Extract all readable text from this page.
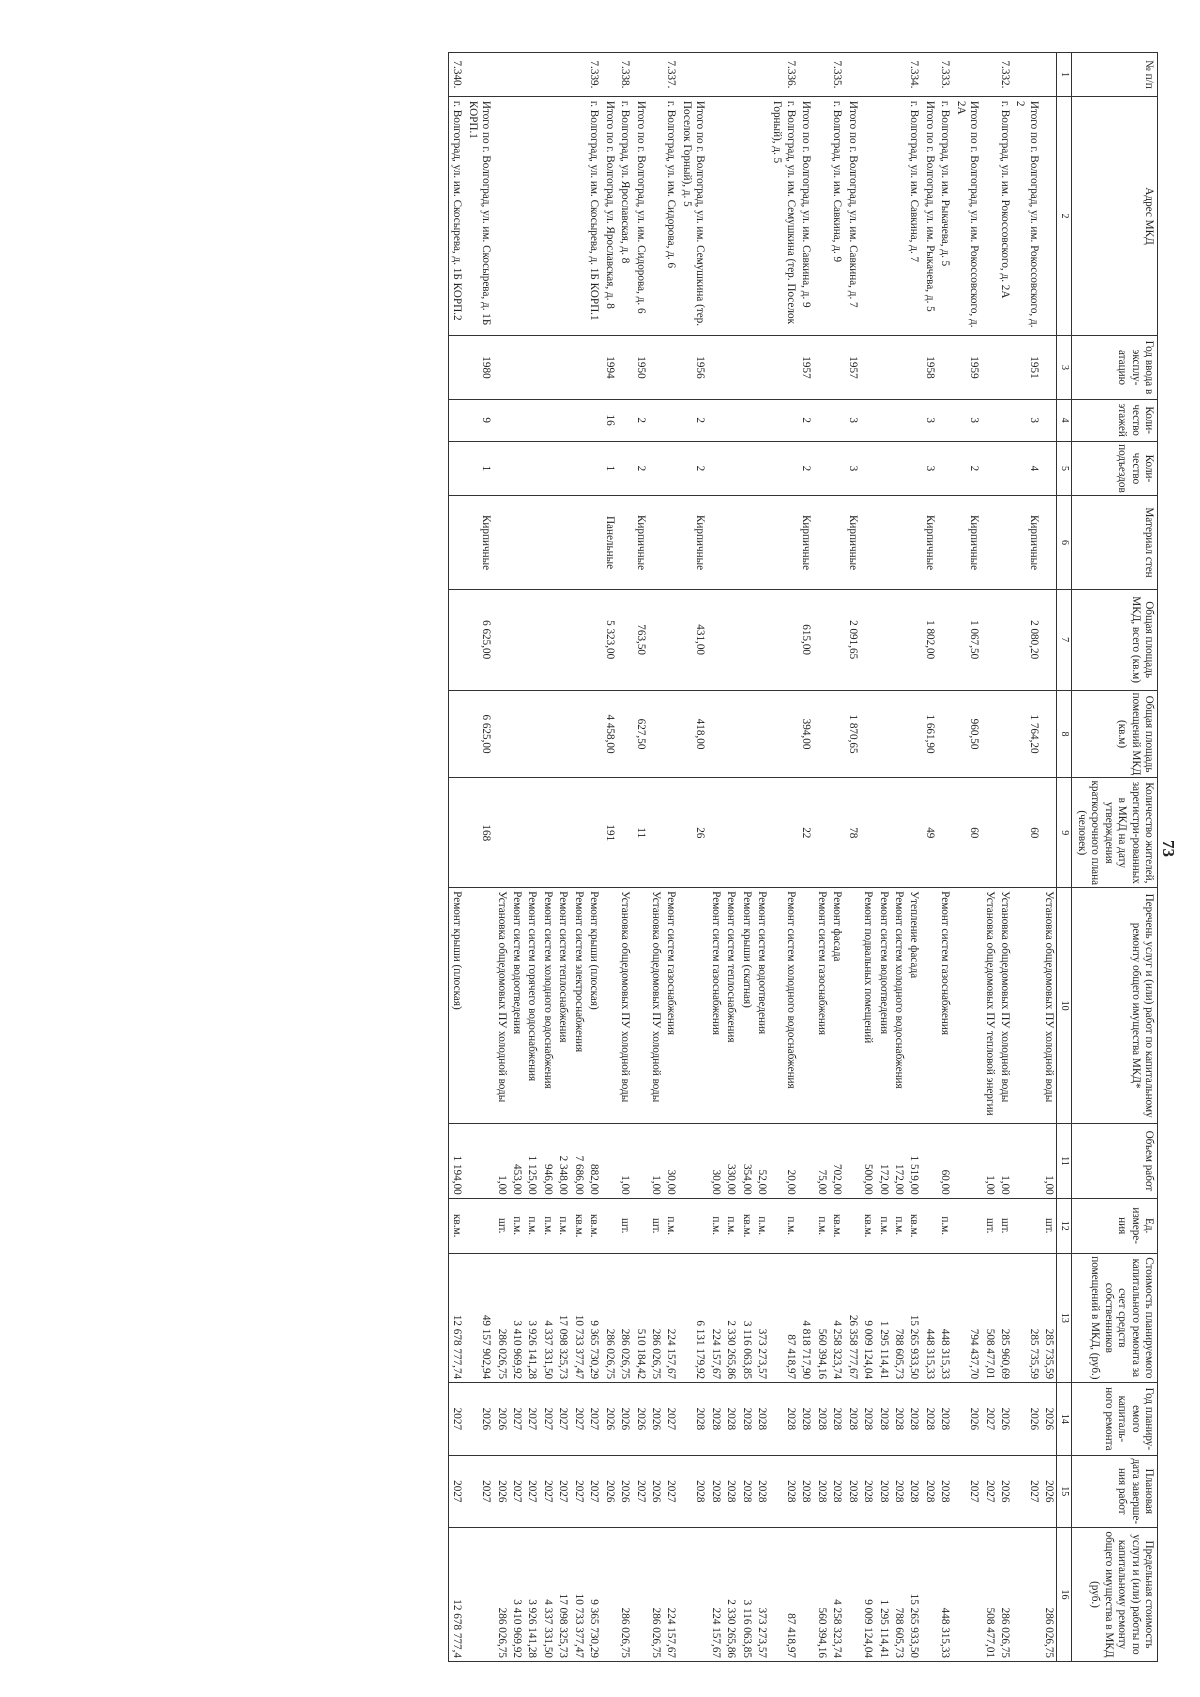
73
№ п/п	Адрес МКД	Год ввода в эксплу-атацию	Коли-чество этажей	Коли-чество подъездов	Материал стен	Общая площадь МКД, всего (кв.м)	Общая площадь помещений МКД (кв.м)	Количество жителей, зарегистри-рованных в МКД на дату утверждения краткосрочного плана (человек)	Перечень услуг и (или) работ по капитальному ремонту общего имущества МКД*	Объем работ	Ед. измере-ния	Стоимость планируемого капитального ремонта за счет средств собственников помещений в МКД, (руб.)	Год планиру-емого капиталь-ного ремонта	Плановая дата заверше-ния работ	Предельная стоимость услуги и (или) работы по капитальному ремонту общего имущества в МКД (руб.)
1	2	3	4	5	6	7	8	9	10	11	12	13	14	15	16
									Установка общедомовых ПУ холодной воды	1,00	шт.	285 735,59	2026	2026	286 026,75
	Итого по г. Волгоград, ул. им. Рокоссовского, д. 2	1951	3	4	Кирпичные	2 080,20	1 764,20	60				285 735,59	2026	2027	
7.332.	г. Волгоград, ул. им. Рокоссовского, д. 2А								Установка общедомовых ПУ холодной воды	1,00	шт.	285 960,69	2026	2026	286 026,75
									Установка общедомовых ПУ тепловой энергии	1,00	шт.	508 477,01	2027	2027	508 477,01
	Итого по г. Волгоград, ул. им. Рокоссовского, д. 2А	1959	3	2	Кирпичные	1 067,50	960,50	60				794 437,70	2026	2027	
7.333.	г. Волгоград, ул. им. Рыкачева, д. 5								Ремонт систем газоснабжения	60,00	п.м.	448 315,33	2028	2028	448 315,33
	Итого по г. Волгоград, ул. им. Рыкачева, д. 5	1958	3	3	Кирпичные	1 802,00	1 661,90	49				448 315,33	2028	2028	
7.334.	г. Волгоград, ул. им. Савкина, д. 7								Утепление фасада	1 519,00	кв.м.	15 265 933,50	2028	2028	15 265 933,50
									Ремонт систем холодного водоснабжения	172,00	п.м.	788 605,73	2028	2028	788 605,73
									Ремонт систем водоотведения	172,00	п.м.	1 295 114,41	2028	2028	1 295 114,41
									Ремонт подвальных помещений	500,00	кв.м.	9 009 124,04	2028	2028	9 009 124,04
	Итого по г. Волгоград, ул. им. Савкина, д. 7	1957	3	3	Кирпичные	2 091,65	1 870,65	78				26 358 777,67	2028	2028	
7.335.	г. Волгоград, ул. им. Савкина, д. 9								Ремонт фасада	702,00	кв.м.	4 258 323,74	2028	2028	4 258 323,74
									Ремонт систем газоснабжения	75,00	п.м.	560 394,16	2028	2028	560 394,16
	Итого по г. Волгоград, ул. им. Савкина, д. 9	1957	2	2	Кирпичные	615,00	394,00	22				4 818 717,90	2028	2028	
7.336.	г. Волгоград, ул. им. Семушкина (тер. Поселок Горный), д. 5								Ремонт систем холодного водоснабжения	20,00	п.м.	87 418,97	2028	2028	87 418,97
									Ремонт систем водоотведения	52,00	п.м.	373 273,57	2028	2028	373 273,57
									Ремонт крыши (скатная)	354,00	кв.м.	3 116 063,85	2028	2028	3 116 063,85
									Ремонт систем теплоснабжения	330,00	п.м.	2 330 265,86	2028	2028	2 330 265,86
									Ремонт систем газоснабжения	30,00	п.м.	224 157,67	2028	2028	224 157,67
	Итого по г. Волгоград, ул. им. Семушкина (тер. Поселок Горный), д. 5	1956	2	2	Кирпичные	431,00	418,00	26				6 131 179,92	2028	2028	
7.337.	г. Волгоград, ул. им. Сидорова, д. 6								Ремонт систем газоснабжения	30,00	п.м.	224 157,67	2027	2027	224 157,67
									Установка общедомовых ПУ холодной воды	1,00	шт.	286 026,75	2026	2026	286 026,75
	Итого по г. Волгоград, ул. им. Сидорова, д. 6	1950	2	2	Кирпичные	763,50	627,50	11				510 184,42	2026	2027	
7.338.	г. Волгоград, ул. Ярославская, д. 8								Установка общедомовых ПУ холодной воды	1,00	шт.	286 026,75	2026	2026	286 026,75
	Итого по г. Волгоград, ул. Ярославская, д. 8	1994	16	1	Панельные	5 323,00	4 458,00	191				286 026,75	2026	2026	
7.339.	г. Волгоград, ул. им. Скосырева, д. 1Б КОРП.1								Ремонт крыши (плоская)	882,00	кв.м.	9 365 730,29	2027	2027	9 365 730,29
									Ремонт систем электроснабжения	7 686,00	кв.м.	10 733 377,47	2027	2027	10 733 377,47
									Ремонт систем теплоснабжения	2 348,00	п.м.	17 098 325,73	2027	2027	17 098 325,73
									Ремонт систем холодного водоснабжения	946,00	п.м.	4 337 331,50	2027	2027	4 337 331,50
									Ремонт систем горячего водоснабжения	1 125,00	п.м.	3 926 141,28	2027	2027	3 926 141,28
									Ремонт систем водоотведения	453,00	п.м.	3 410 969,92	2027	2027	3 410 969,92
									Установка общедомовых ПУ холодной воды	1,00	шт.	286 026,75	2026	2026	286 026,75
	Итого по г. Волгоград, ул. им. Скосырева, д. 1Б КОРП.1	1980	9	1	Кирпичные	6 625,00	6 625,00	168				49 157 902,94	2026	2027	
7.340.	г. Волгоград, ул. им. Скосырева, д. 1Б КОРП.2								Ремонт крыши (плоская)	1 194,00	кв.м.	12 678 777,74	2027	2027	12 678 777,4
